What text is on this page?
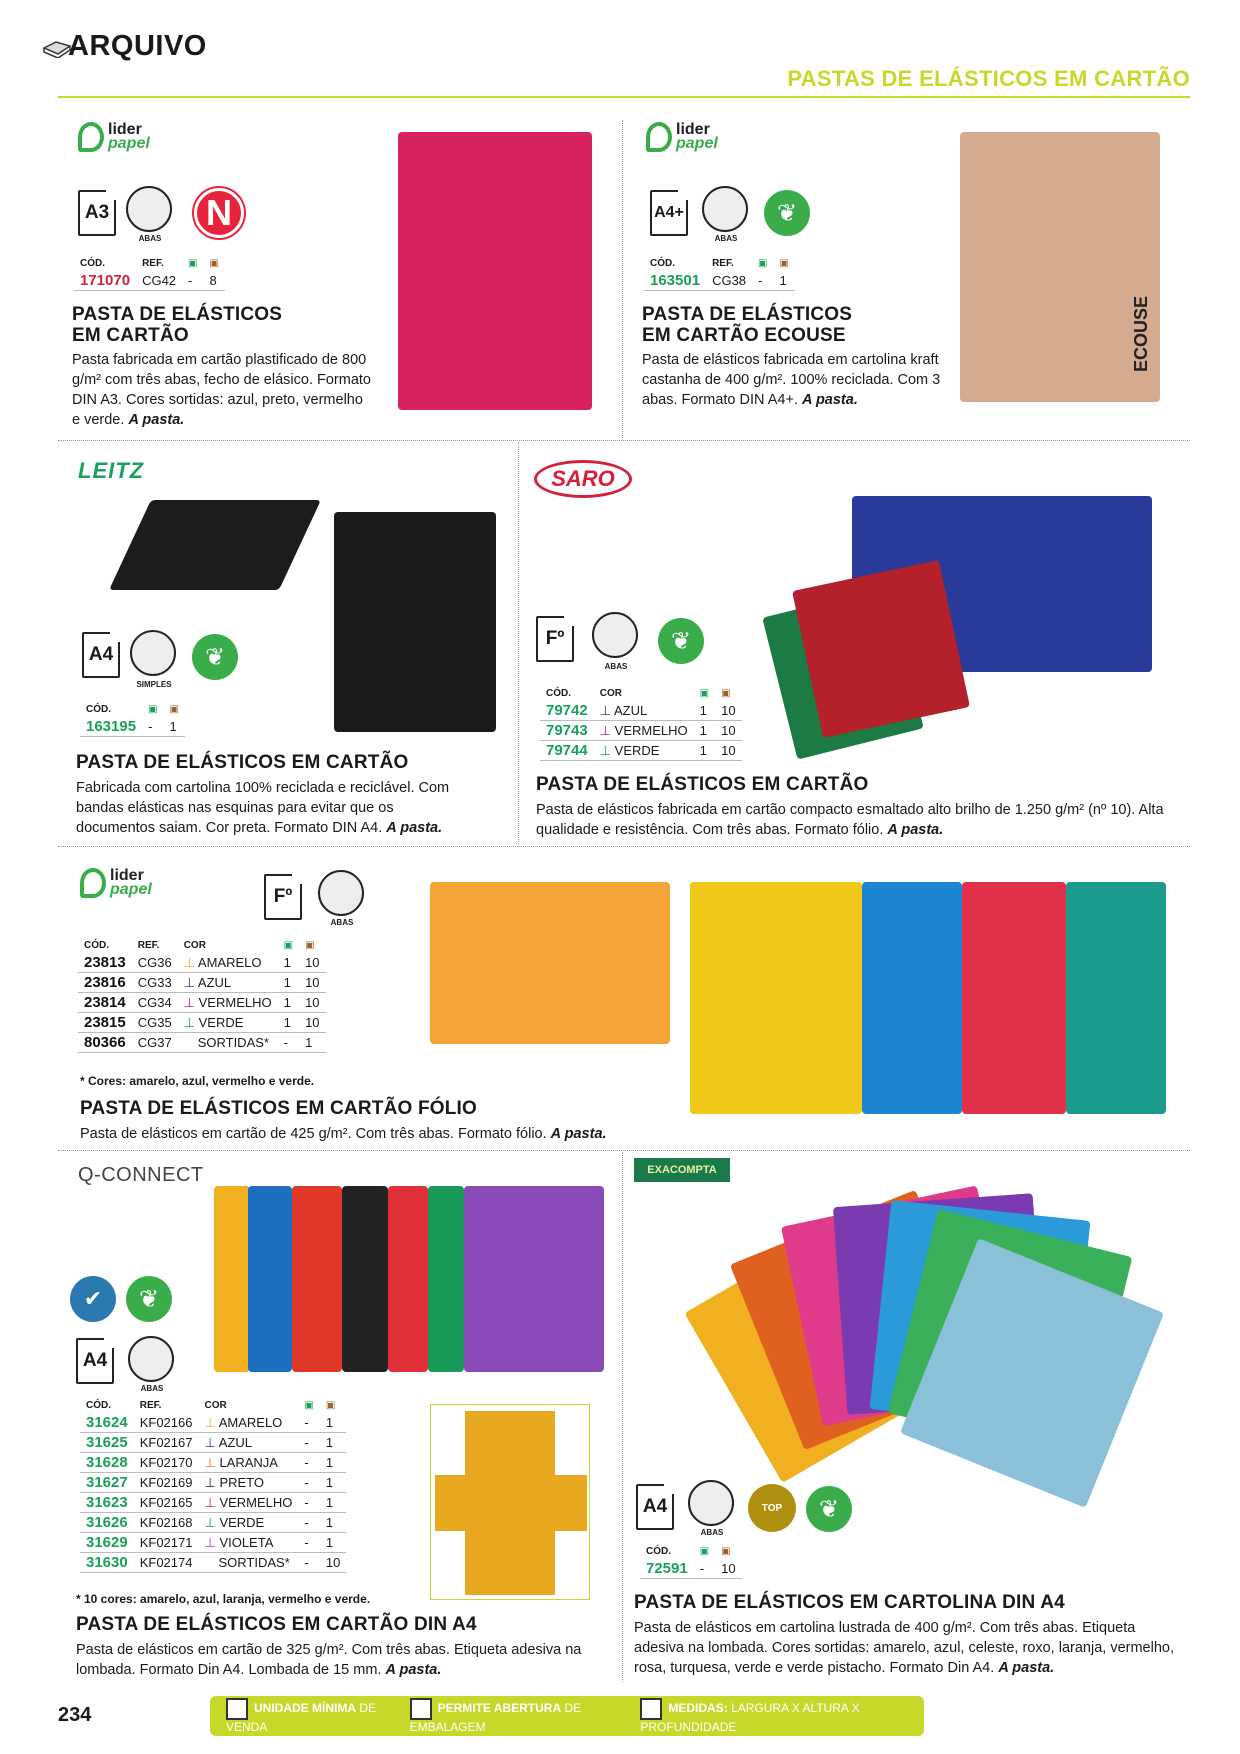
ARQUIVO
PASTAS DE ELÁSTICOS EM CARTÃO
lider
papel
A3
ABAS
N
CÓD.	REF.	▣	▣
171070	CG42	-	8
PASTA DE ELÁSTICOS
EM CARTÃO
Pasta fabricada em cartão plastificado de 800 g/m² com três abas, fecho de elásico. Formato DIN A3. Cores sortidas: azul, preto, vermelho e verde. A pasta.
lider
papel
A4+
ABAS
❦
CÓD.	REF.	▣	▣
163501	CG38	-	1
PASTA DE ELÁSTICOS
EM CARTÃO ECOUSE
Pasta de elásticos fabricada em cartolina kraft castanha de 400 g/m². 100% reciclada. Com 3 abas. Formato DIN A4+. A pasta.
ECOUSE
LEITZ
A4
SIMPLES
❦
CÓD.	▣	▣
163195	-	1
PASTA DE ELÁSTICOS EM CARTÃO
Fabricada com cartolina 100% reciclada e reciclável. Com bandas elásticas nas esquinas para evitar que os documentos saiam. Cor preta. Formato DIN A4. A pasta.
SARO
Fº
ABAS
❦
CÓD.	COR	▣	▣
79742	⊥ AZUL	1	10
79743	⊥ VERMELHO	1	10
79744	⊥ VERDE	1	10
PASTA DE ELÁSTICOS EM CARTÃO
Pasta de elásticos fabricada em cartão compacto esmaltado alto brilho de 1.250 g/m² (nº 10). Alta qualidade e resistência. Com três abas. Formato fólio. A pasta.
lider
papel	Fº
ABAS
CÓD.	REF.	COR	▣	▣
23813	CG36	⊥ AMARELO	1	10
23816	CG33	⊥ AZUL	1	10
23814	CG34	⊥ VERMELHO	1	10
23815	CG35	⊥ VERDE	1	10
80366	CG37	SORTIDAS*	-	1
* Cores: amarelo, azul, vermelho e verde.
PASTA DE ELÁSTICOS EM CARTÃO FÓLIO
Pasta de elásticos em cartão de 425 g/m². Com três abas. Formato fólio. A pasta.
Q-CONNECT
✔	❦
A4
ABAS
CÓD.	REF.	COR	▣	▣
31624	KF02166	⊥ AMARELO	-	1
31625	KF02167	⊥ AZUL	-	1
31628	KF02170	⊥ LARANJA	-	1
31627	KF02169	⊥ PRETO	-	1
31623	KF02165	⊥ VERMELHO	-	1
31626	KF02168	⊥ VERDE	-	1
31629	KF02171	⊥ VIOLETA	-	1
31630	KF02174	SORTIDAS*	-	10
* 10 cores: amarelo, azul, laranja, vermelho e verde.
PASTA DE ELÁSTICOS EM CARTÃO DIN A4
Pasta de elásticos em cartão de 325 g/m². Com três abas. Etiqueta adesiva na lombada. Formato Din A4. Lombada de 15 mm. A pasta.
EXACOMPTA
A4
ABAS
TOP	❦
CÓD.	▣	▣
72591	-	10
PASTA DE ELÁSTICOS EM CARTOLINA DIN A4
Pasta de elásticos em cartolina lustrada de 400 g/m². Com três abas. Etiqueta adesiva na lombada. Cores sortidas: amarelo, azul, celeste, roxo, laranja, vermelho, rosa, turquesa, verde e verde pistacho. Formato Din A4. A pasta.
234	UNIDADE MÍNIMA DE VENDA
PERMITE ABERTURA DE EMBALAGEM
MEDIDAS: LARGURA X ALTURA X PROFUNDIDADE
